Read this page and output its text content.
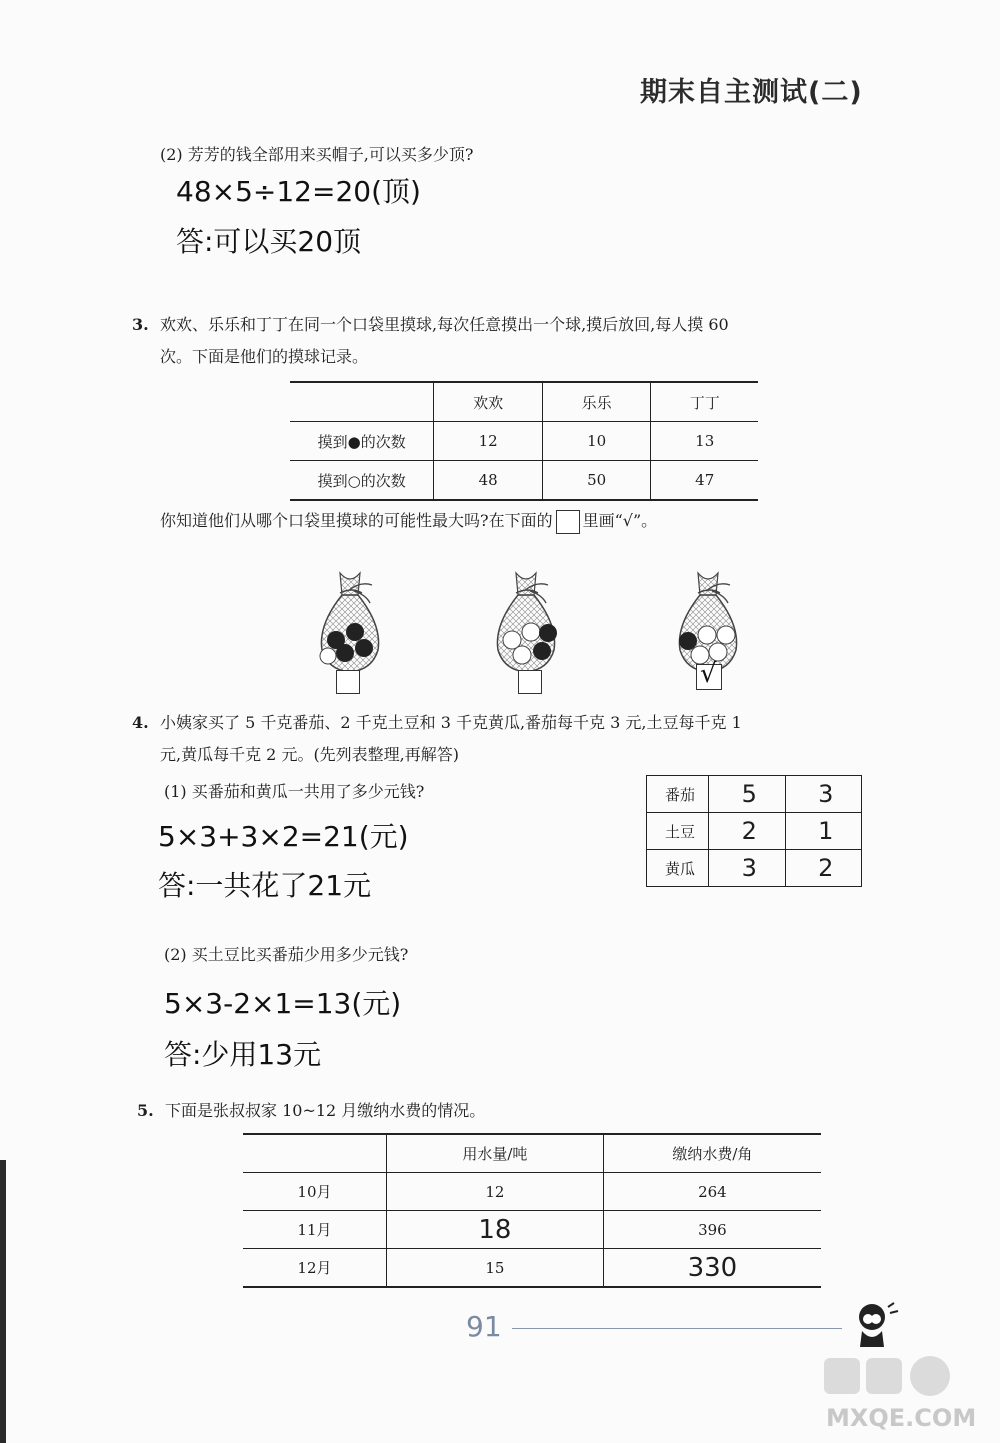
期末自主测试(二)
(2) 芳芳的钱全部用来买帽子,可以买多少顶?
48×5÷12=20(顶)
答:可以买20顶
3. 欢欢、乐乐和丁丁在同一个口袋里摸球,每次任意摸出一个球,摸后放回,每人摸 60
次。下面是他们的摸球记录。
	欢欢	乐乐	丁丁
摸到●的次数	12	10	13
摸到○的次数	48	50	47
你知道他们从哪个口袋里摸球的可能性最大吗?在下面的 里画“√”。
√
4. 小姨家买了 5 千克番茄、2 千克土豆和 3 千克黄瓜,番茄每千克 3 元,土豆每千克 1
元,黄瓜每千克 2 元。(先列表整理,再解答)
(1) 买番茄和黄瓜一共用了多少元钱?
5×3+3×2=21(元)
答:一共花了21元
番茄	5	3
土豆	2	1
黄瓜	3	2
(2) 买土豆比买番茄少用多少元钱?
5×3-2×1=13(元)
答:少用13元
5. 下面是张叔叔家 10~12 月缴纳水费的情况。
	用水量/吨	缴纳水费/角
10月	12	264
11月	18	396
12月	15	330
91
MXQE.COM
